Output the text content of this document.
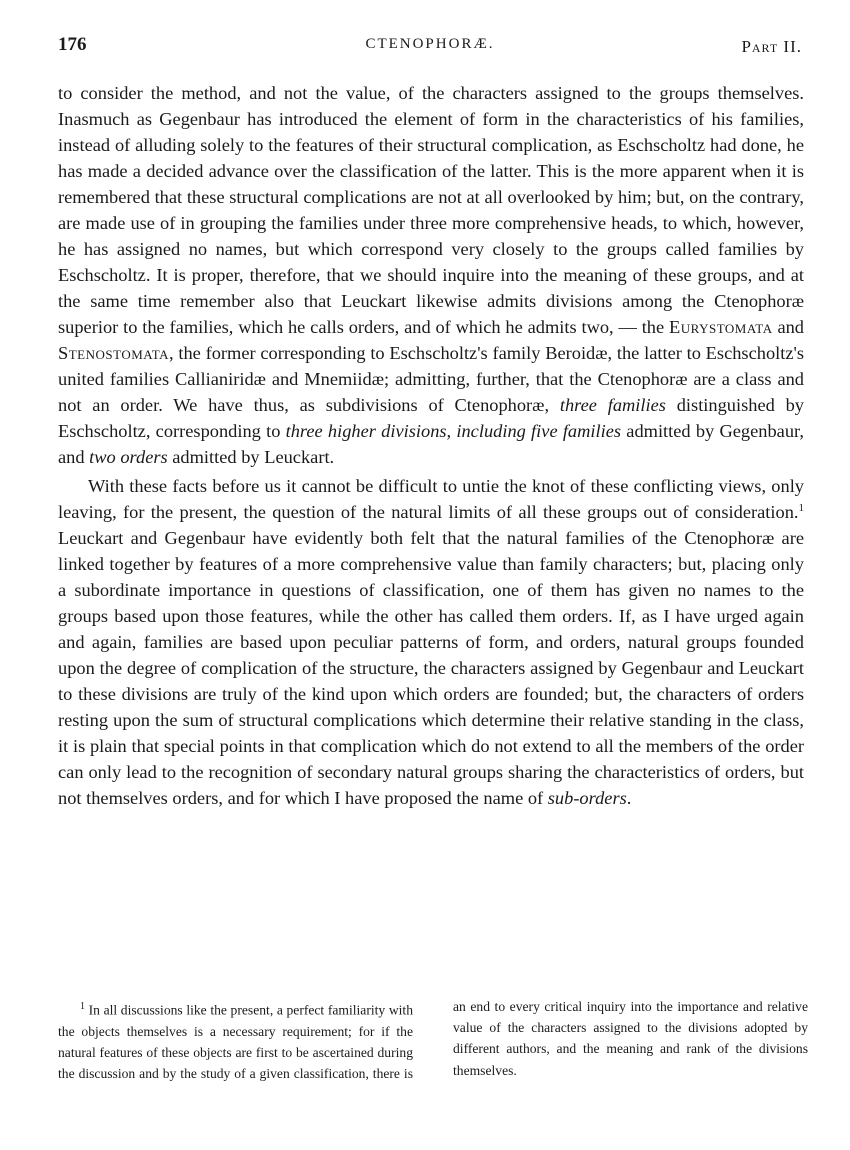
176	CTENOPHORÆ.	Part II.

to consider the method, and not the value, of the characters assigned to the groups themselves. Inasmuch as Gegenbaur has introduced the element of form in the characteristics of his families, instead of alluding solely to the features of their structural complication, as Eschscholtz had done, he has made a decided advance over the classification of the latter. This is the more apparent when it is remembered that these structural complications are not at all overlooked by him; but, on the contrary, are made use of in grouping the families under three more comprehensive heads, to which, however, he has assigned no names, but which correspond very closely to the groups called families by Eschscholtz. It is proper, therefore, that we should inquire into the meaning of these groups, and at the same time remember also that Leuckart likewise admits divisions among the Ctenophoræ superior to the families, which he calls orders, and of which he admits two, — the Eurystomata and Stenostomata, the former corresponding to Eschscholtz's family Beroidæ, the latter to Eschscholtz's united families Callianiridæ and Mnemiidæ; admitting, further, that the Ctenophoræ are a class and not an order. We have thus, as subdivisions of Ctenophoræ, three families distinguished by Eschscholtz, corresponding to three higher divisions, including five families admitted by Gegenbaur, and two orders admitted by Leuckart.

With these facts before us it cannot be difficult to untie the knot of these conflicting views, only leaving, for the present, the question of the natural limits of all these groups out of consideration.$^1$ Leuckart and Gegenbaur have evidently both felt that the natural families of the Ctenophoræ are linked together by features of a more comprehensive value than family characters; but, placing only a subordinate importance in questions of classification, one of them has given no names to the groups based upon those features, while the other has called them orders. If, as I have urged again and again, families are based upon peculiar patterns of form, and orders, natural groups founded upon the degree of complication of the structure, the characters assigned by Gegenbaur and Leuckart to these divisions are truly of the kind upon which orders are founded; but, the characters of orders resting upon the sum of structural complications which determine their relative standing in the class, it is plain that special points in that complication which do not extend to all the members of the order can only lead to the recognition of secondary natural groups sharing the characteristics of orders, but not themselves orders, and for which I have proposed the name of sub-orders.

$^1$ In all discussions like the present, a perfect familiarity with the objects themselves is a necessary requirement; for if the natural features of these objects are first to be ascertained during the discussion and by the study of a given classification, there is an end to every critical inquiry into the importance and relative value of the characters assigned to the divisions adopted by different authors, and the meaning and rank of the divisions themselves.
